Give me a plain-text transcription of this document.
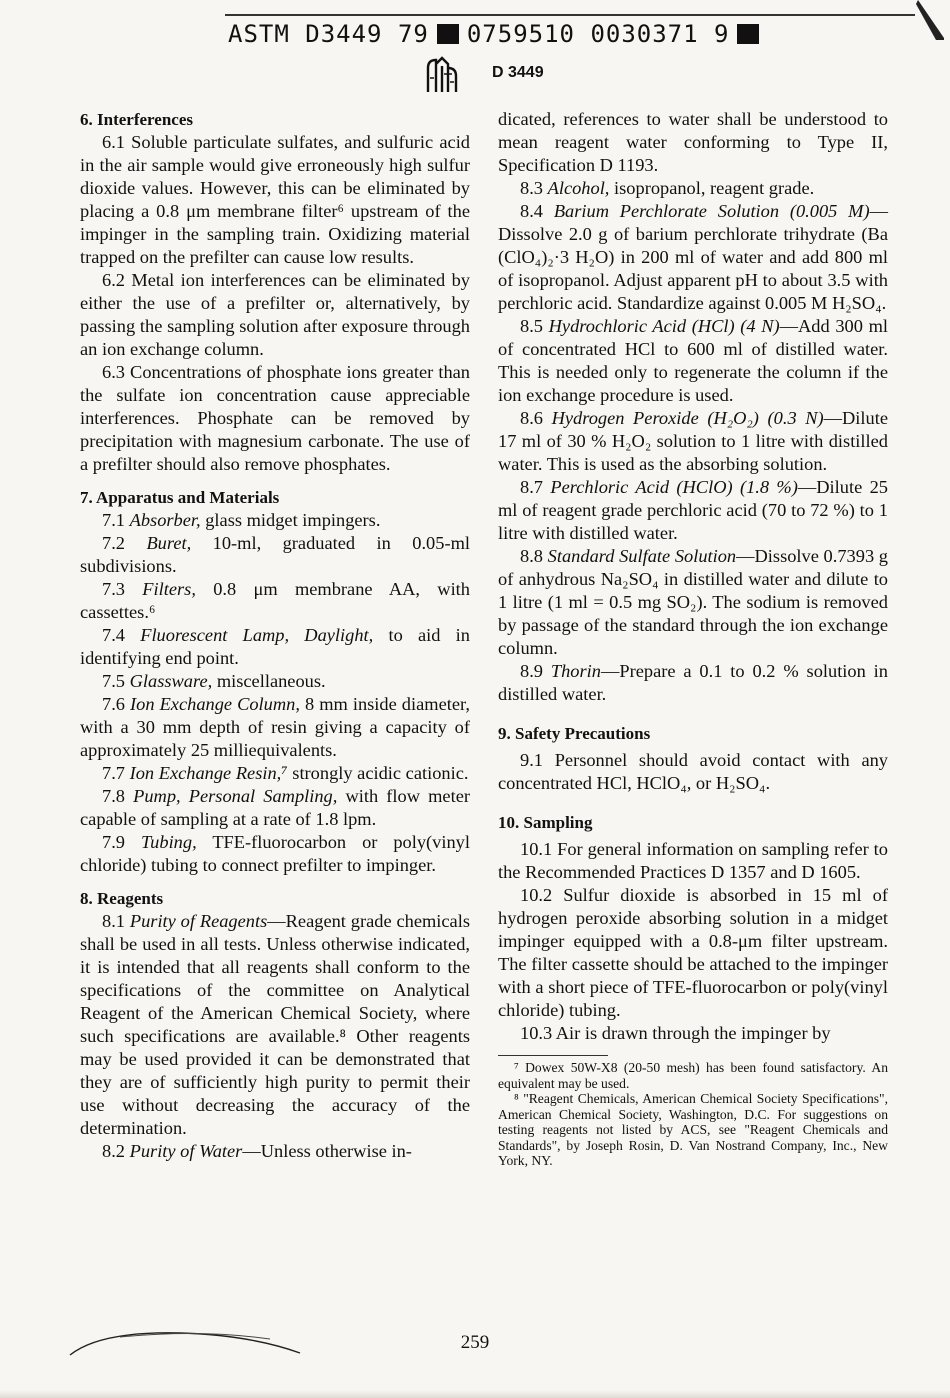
ASTM D3449 79 0759510 0030371 9
D 3449
6. Interferences

6.1 Soluble particulate sulfates, and sulfuric acid in the air sample would give erroneously high sulfur dioxide values. However, this can be eliminated by placing a 0.8 μm membrane filter⁶ upstream of the impinger in the sampling train. Oxidizing material trapped on the prefilter can cause low results.

6.2 Metal ion interferences can be eliminated by either the use of a prefilter or, alternatively, by passing the sampling solution after exposure through an ion exchange column.

6.3 Concentrations of phosphate ions greater than the sulfate ion concentration cause appreciable interferences. Phosphate can be removed by precipitation with magnesium carbonate. The use of a prefilter should also remove phosphates.

7. Apparatus and Materials

7.1 Absorber, glass midget impingers.

7.2 Buret, 10-ml, graduated in 0.05-ml subdivisions.

7.3 Filters, 0.8 μm membrane AA, with cassettes.⁶

7.4 Fluorescent Lamp, Daylight, to aid in identifying end point.

7.5 Glassware, miscellaneous.

7.6 Ion Exchange Column, 8 mm inside diameter, with a 30 mm depth of resin giving a capacity of approximately 25 milliequivalents.

7.7 Ion Exchange Resin,⁷ strongly acidic cationic.

7.8 Pump, Personal Sampling, with flow meter capable of sampling at a rate of 1.8 lpm.

7.9 Tubing, TFE-fluorocarbon or poly(vinyl chloride) tubing to connect prefilter to impinger.

8. Reagents

8.1 Purity of Reagents—Reagent grade chemicals shall be used in all tests. Unless otherwise indicated, it is intended that all reagents shall conform to the specifications of the committee on Analytical Reagent of the American Chemical Society, where such specifications are available.⁸ Other reagents may be used provided it can be demonstrated that they are of sufficiently high purity to permit their use without decreasing the accuracy of the determination.

8.2 Purity of Water—Unless otherwise in-

dicated, references to water shall be understood to mean reagent water conforming to Type II, Specification D 1193.

8.3 Alcohol, isopropanol, reagent grade.

8.4 Barium Perchlorate Solution (0.005 M)—Dissolve 2.0 g of barium perchlorate trihydrate (Ba (ClO₄)₂·3 H₂O) in 200 ml of water and add 800 ml of isopropanol. Adjust apparent pH to about 3.5 with perchloric acid. Standardize against 0.005 M H₂SO₄.

8.5 Hydrochloric Acid (HCl) (4 N)—Add 300 ml of concentrated HCl to 600 ml of distilled water. This is needed only to regenerate the column if the ion exchange procedure is used.

8.6 Hydrogen Peroxide (H₂O₂) (0.3 N)—Dilute 17 ml of 30 % H₂O₂ solution to 1 litre with distilled water. This is used as the absorbing solution.

8.7 Perchloric Acid (HClO) (1.8 %)—Dilute 25 ml of reagent grade perchloric acid (70 to 72 %) to 1 litre with distilled water.

8.8 Standard Sulfate Solution—Dissolve 0.7393 g of anhydrous Na₂SO₄ in distilled water and dilute to 1 litre (1 ml = 0.5 mg SO₂). The sodium is removed by passage of the standard through the ion exchange column.

8.9 Thorin—Prepare a 0.1 to 0.2 % solution in distilled water.

9. Safety Precautions

9.1 Personnel should avoid contact with any concentrated HCl, HClO₄, or H₂SO₄.

10. Sampling

10.1 For general information on sampling refer to the Recommended Practices D 1357 and D 1605.

10.2 Sulfur dioxide is absorbed in 15 ml of hydrogen peroxide absorbing solution in a midget impinger equipped with a 0.8-μm filter upstream. The filter cassette should be attached to the impinger with a short piece of TFE-fluorocarbon or poly(vinyl chloride) tubing.

10.3 Air is drawn through the impinger by

⁷ Dowex 50W-X8 (20-50 mesh) has been found satisfactory. An equivalent may be used.

⁸ "Reagent Chemicals, American Chemical Society Specifications", American Chemical Society, Washington, D.C. For suggestions on testing reagents not listed by ACS, see "Reagent Chemicals and Standards", by Joseph Rosin, D. Van Nostrand Company, Inc., New York, NY.

259
